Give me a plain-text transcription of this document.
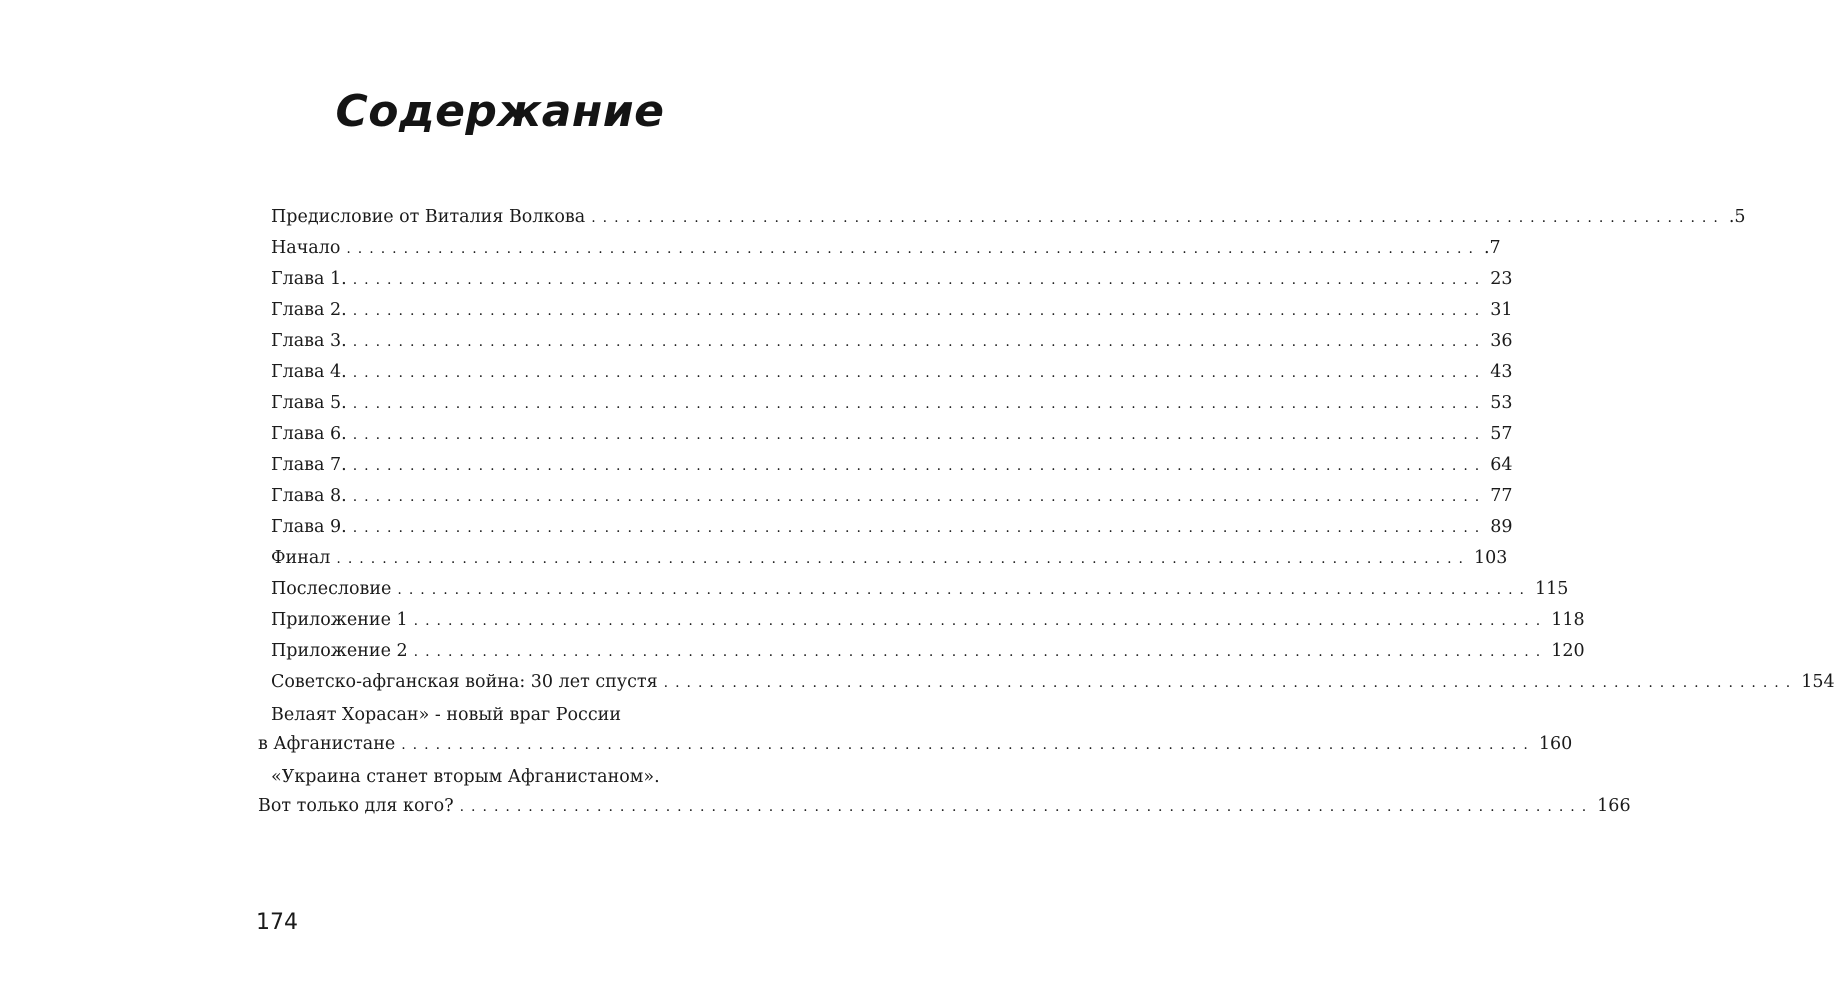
Содержание
Предисловие от Виталия Волкова ................................................................................................... .5
Начало ................................................................................................... .7
Глава 1. ................................................................................................... 23
Глава 2. ................................................................................................... 31
Глава 3. ................................................................................................... 36
Глава 4. ................................................................................................... 43
Глава 5. ................................................................................................... 53
Глава 6. ................................................................................................... 57
Глава 7. ................................................................................................... 64
Глава 8. ................................................................................................... 77
Глава 9. ................................................................................................... 89
Финал ................................................................................................... 103
Послесловие ................................................................................................... 115
Приложение 1 ................................................................................................... 118
Приложение 2 ................................................................................................... 120
Советско-афганская война: 30 лет спустя ................................................................................................... 154
Велаят Хорасан» - новый враг России
в Афганистане ................................................................................................... 160
«Украина станет вторым Афганистаном».
Вот только для кого? ................................................................................................... 166
174
